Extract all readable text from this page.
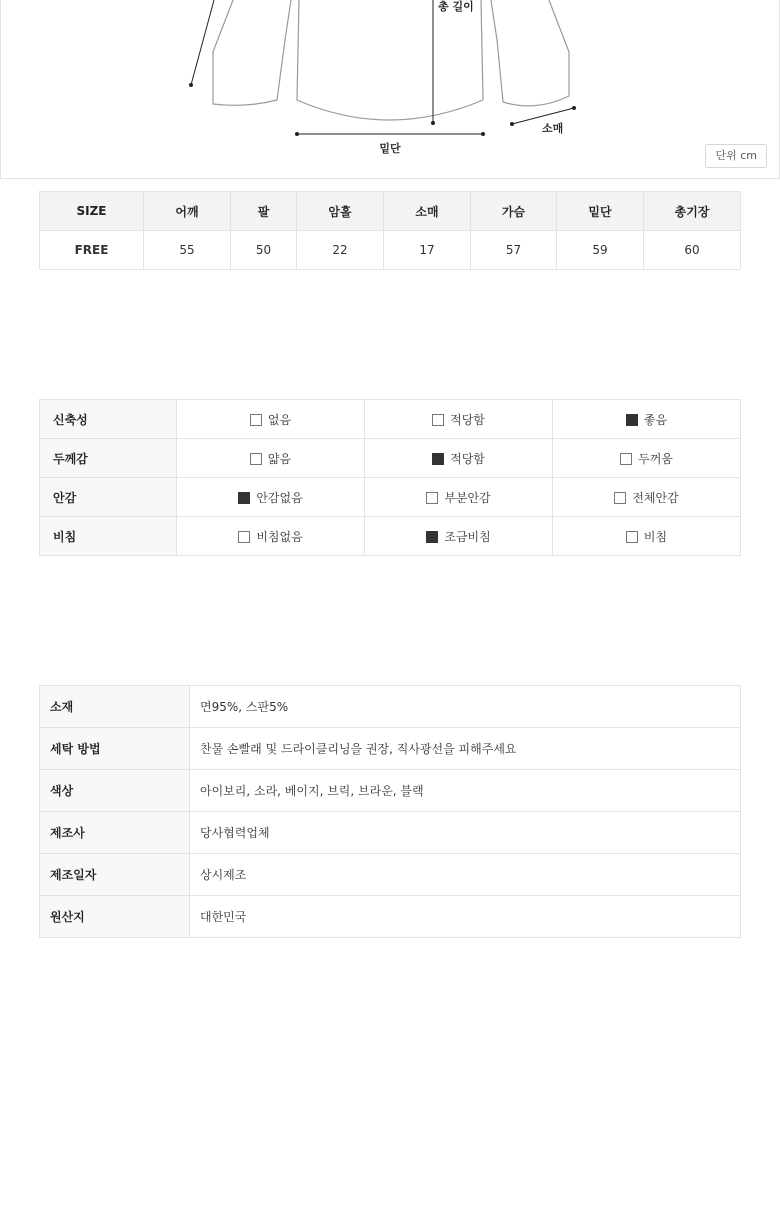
총 길이
밑단
소매
단위 cm
SIZE	어깨	팔	암홀	소매	가슴	밑단	총기장
FREE	55	50	22	17	57	59	60
신축성	없음	적당함	좋음
두께감	얇음	적당함	두꺼움
안감	안감없음	부분안감	전체안감
비침	비침없음	조금비침	비침
소재	면95%, 스판5%
세탁 방법	찬물 손빨래 및 드라이클리닝을 권장, 직사광선을 피해주세요
색상	아이보리, 소라, 베이지, 브릭, 브라운, 블랙
제조사	당사협력업체
제조일자	상시제조
원산지	대한민국
